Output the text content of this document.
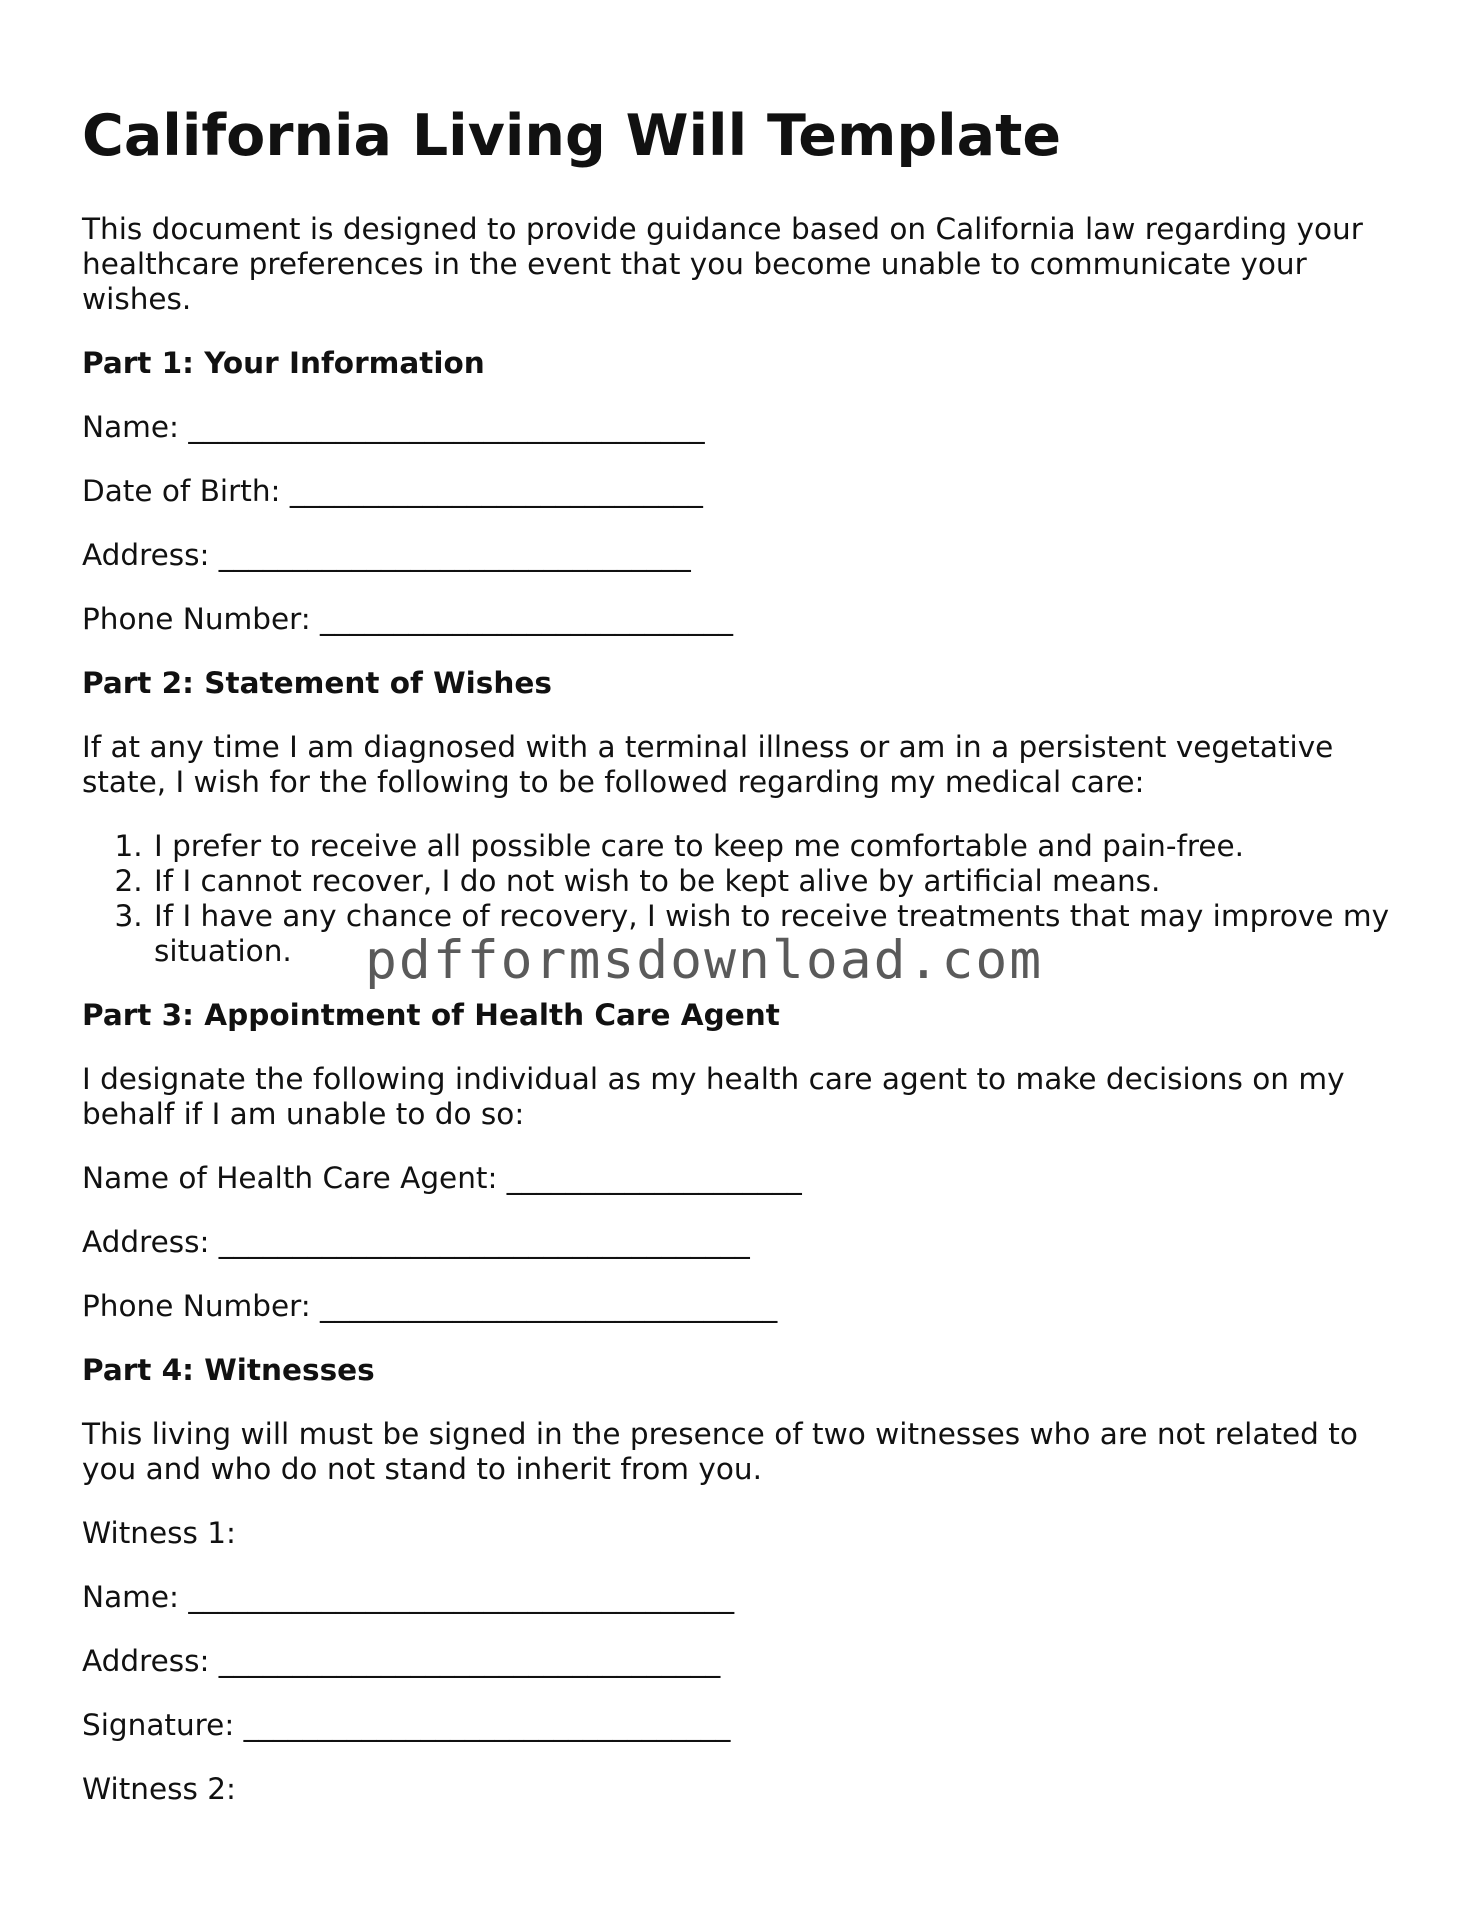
California Living Will Template

This document is designed to provide guidance based on California law regarding your healthcare preferences in the event that you become unable to communicate your wishes.

Part 1: Your Information
Name: ___________________________________
Date of Birth: ____________________________
Address: ________________________________
Phone Number: ____________________________
Part 2: Statement of Wishes

If at any time I am diagnosed with a terminal illness or am in a persistent vegetative state, I wish for the following to be followed regarding my medical care:

1. I prefer to receive all possible care to keep me comfortable and pain-free.
2. If I cannot recover, I do not wish to be kept alive by artificial means.
3. If I have any chance of recovery, I wish to receive treatments that may improve my situation.
Part 3: Appointment of Health Care Agent

I designate the following individual as my health care agent to make decisions on my behalf if I am unable to do so:

Name of Health Care Agent: ____________________
Address: ____________________________________
Phone Number: _______________________________
Part 4: Witnesses

This living will must be signed in the presence of two witnesses who are not related to you and who do not stand to inherit from you.

Witness 1:
Name: _____________________________________
Address: __________________________________
Signature: _________________________________
Witness 2:
pdfformsdownload.com
